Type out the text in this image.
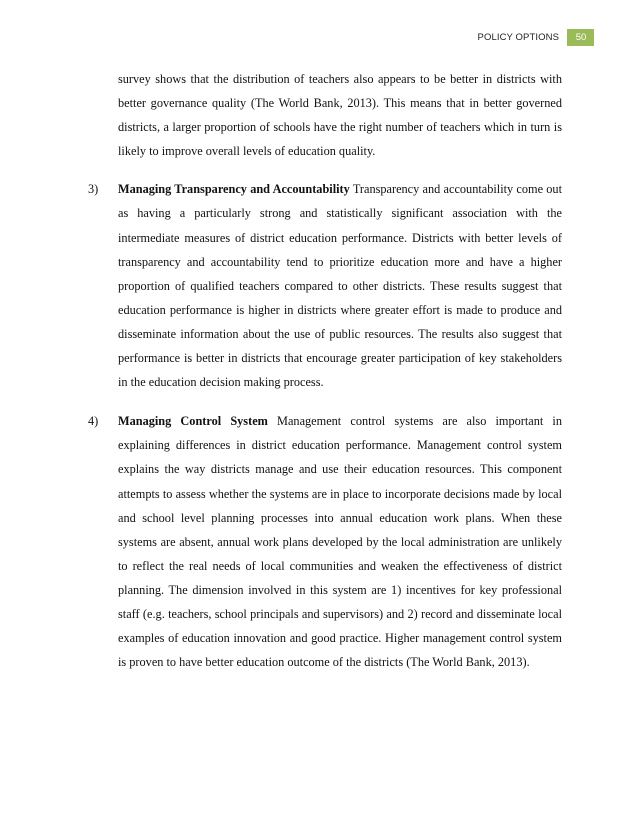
POLICY OPTIONS	50

survey shows that the distribution of teachers also appears to be better in districts with better governance quality (The World Bank, 2013). This means that in better governed districts, a larger proportion of schools have the right number of teachers which in turn is likely to improve overall levels of education quality.

3) Managing Transparency and Accountability Transparency and accountability come out as having a particularly strong and statistically significant association with the intermediate measures of district education performance. Districts with better levels of transparency and accountability tend to prioritize education more and have a higher proportion of qualified teachers compared to other districts. These results suggest that education performance is higher in districts where greater effort is made to produce and disseminate information about the use of public resources. The results also suggest that performance is better in districts that encourage greater participation of key stakeholders in the education decision making process.

4) Managing Control System Management control systems are also important in explaining differences in district education performance. Management control system explains the way districts manage and use their education resources. This component attempts to assess whether the systems are in place to incorporate decisions made by local and school level planning processes into annual education work plans. When these systems are absent, annual work plans developed by the local administration are unlikely to reflect the real needs of local communities and weaken the effectiveness of district planning. The dimension involved in this system are 1) incentives for key professional staff (e.g. teachers, school principals and supervisors) and 2) record and disseminate local examples of education innovation and good practice. Higher management control system is proven to have better education outcome of the districts (The World Bank, 2013).
